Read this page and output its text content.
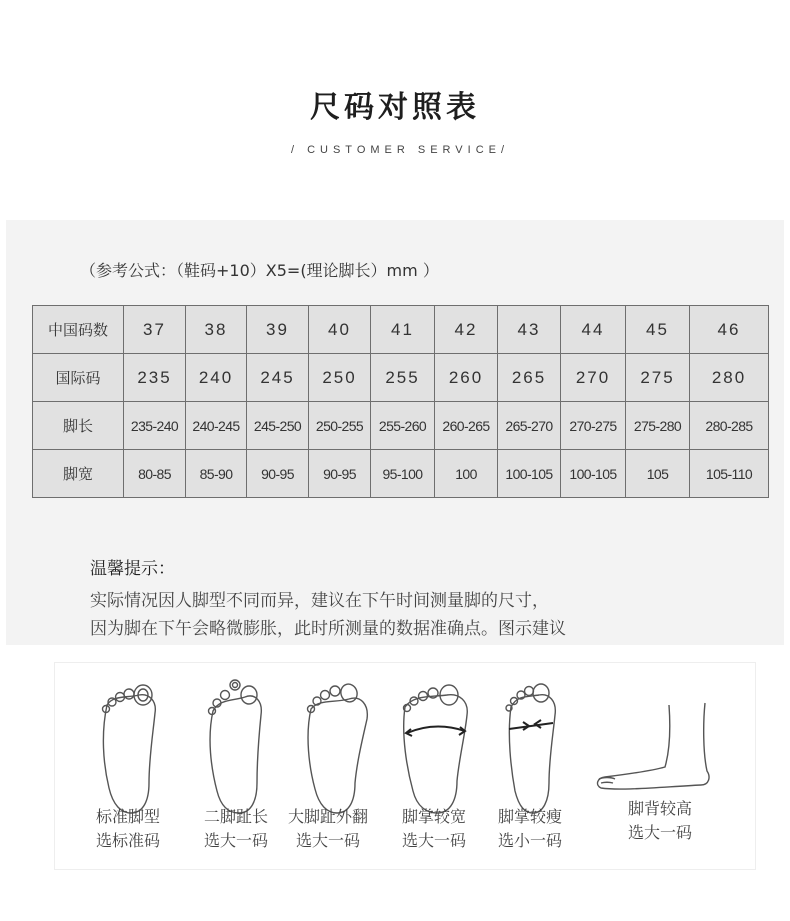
尺码对照表
/ CUSTOMER SERVICE/
（参考公式：（鞋码+10）X5=(理论脚长）mm ）
中国码数	37	38	39	40	41	42	43	44	45	46
国际码	235	240	245	250	255	260	265	270	275	280
脚长	235-240	240-245	245-250	250-255	255-260	260-265	265-270	270-275	275-280	280-285
脚宽	80-85	85-90	90-95	90-95	95-100	100	100-105	100-105	105	105-110
温馨提示：
实际情况因人脚型不同而异，建议在下午时间测量脚的尺寸，
因为脚在下午会略微膨胀，此时所测量的数据准确点。图示建议
标准脚型
选标准码
二脚趾长
选大一码
大脚趾外翻
选大一码
脚掌较宽
选大一码
脚掌较瘦
选小一码
脚背较高
选大一码
